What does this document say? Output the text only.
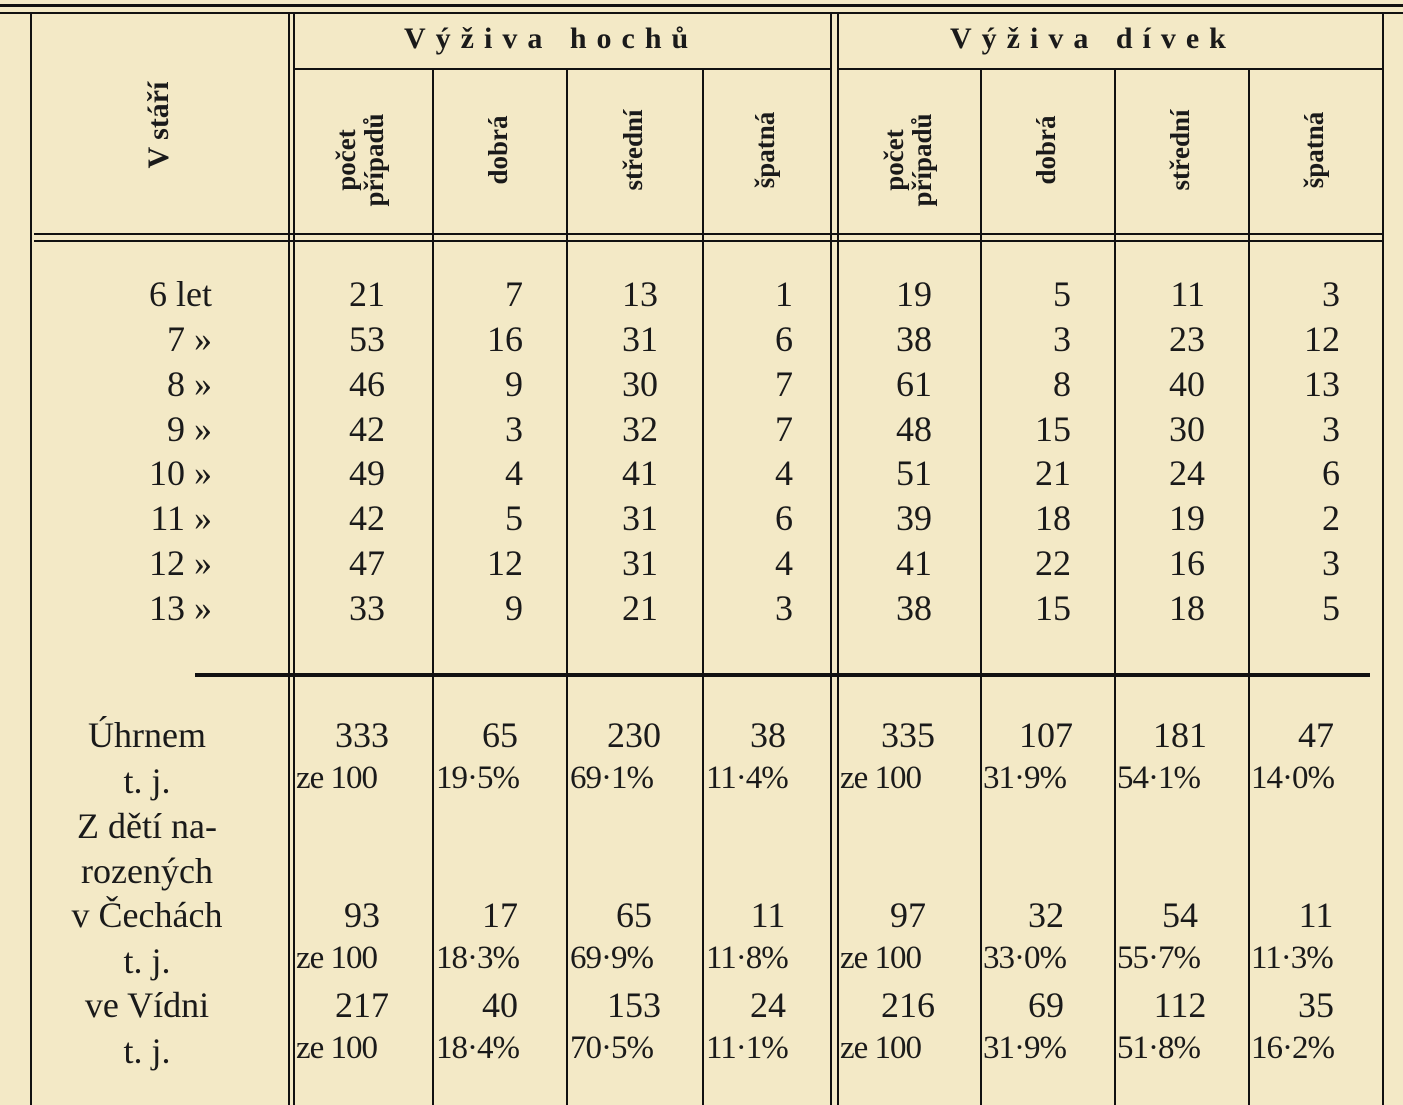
Výživa hochů	Výživa dívek
V stáří	počet případů	dobrá	střední	špatná	počet případů	dobrá	střední	špatná
6 let	21	7	13	1	19	5	11	3
7 »	53	16	31	6	38	3	23	12
8 »	46	9	30	7	61	8	40	13
9 »	42	3	32	7	48	15	30	3
10 »	49	4	41	4	51	21	24	6
11 »	42	5	31	6	39	18	19	2
12 »	47	12	31	4	41	22	16	3
13 »	33	9	21	3	38	15	18	5
Úhrnem	333	65	230	38	335	107	181	47
t. j.	ze 100	19·5%	69·1%	11·4%	ze 100	31·9%	54·1%	14·0%
Z dětí na-
rozených
v Čechách	93	17	65	11	97	32	54	11
t. j.	ze 100	18·3%	69·9%	11·8%	ze 100	33·0%	55·7%	11·3%
ve Vídni	217	40	153	24	216	69	112	35
t. j.	ze 100	18·4%	70·5%	11·1%	ze 100	31·9%	51·8%	16·2%
